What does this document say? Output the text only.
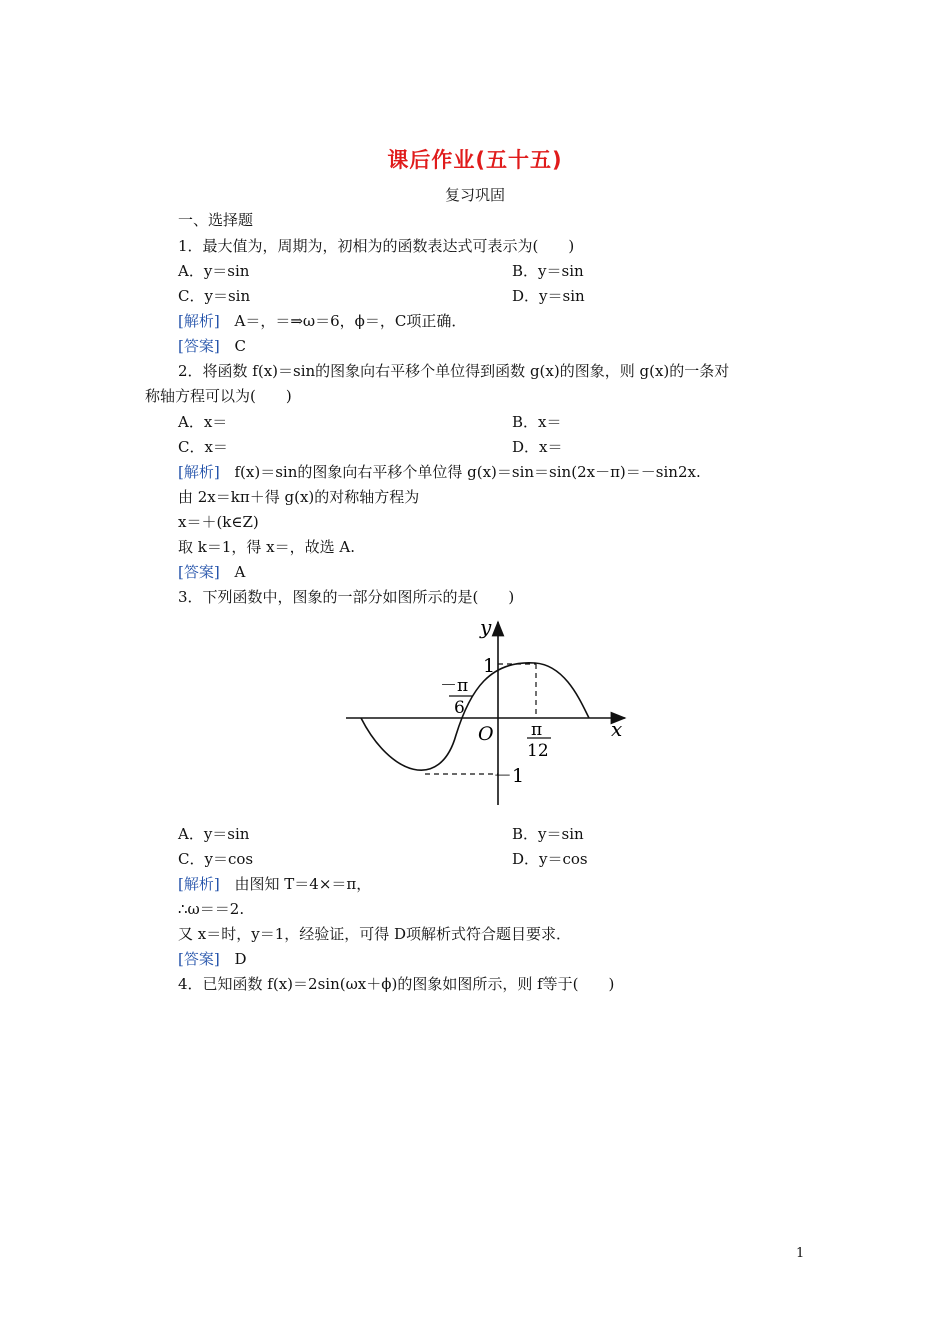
课后作业(五十五)
复习巩固
一、选择题
1．最大值为，周期为，初相为的函数表达式可表示为(　　)
A．y＝sin	B．y＝sin
C．y＝sin	D．y＝sin
[解析] A＝，＝⇒ω＝6，ϕ＝，C项正确．
[答案] C
2．将函数 f(x)＝sin的图象向右平移个单位得到函数 g(x)的图象，则 g(x)的一条对
称轴方程可以为(　　)
A．x＝	B．x＝
C．x＝	D．x＝
[解析] f(x)＝sin的图象向右平移个单位得 g(x)＝sin＝sin(2x－π)＝－sin2x.
由 2x＝kπ＋得 g(x)的对称轴方程为
x＝＋(k∈Z)
取 k＝1，得 x＝，故选 A.
[答案] A
3．下列函数中，图象的一部分如图所示的是(　　)
y
x
O
1
－1
－π
6
π
12
A．y＝sin	B．y＝sin
C．y＝cos	D．y＝cos
[解析] 由图知 T＝4×＝π，
∴ω＝＝2.
又 x＝时，y＝1，经验证，可得 D项解析式符合题目要求．
[答案] D
4．已知函数 f(x)＝2sin(ωx＋ϕ)的图象如图所示，则 f等于(　　)
1
